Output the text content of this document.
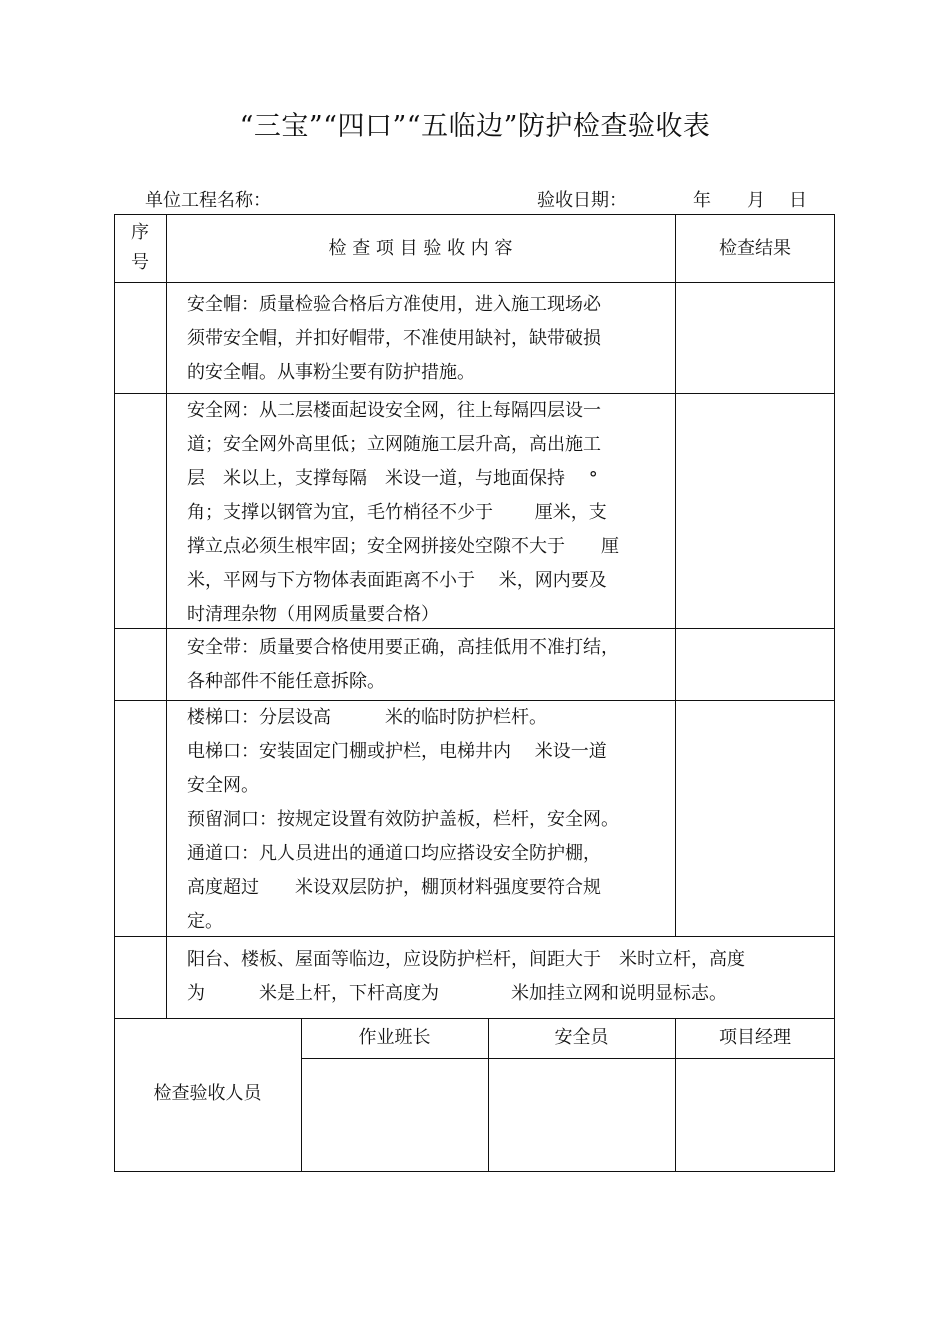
“三宝”“四口”“五临边”防护检查验收表
单位工程名称：	验收日期：	年 月 日
序
号
检 查 项 目 验 收 内 容	检查结果
安全帽：质量检验合格后方准使用，进入施工现场必
须带安全帽，并扣好帽带，不准使用缺衬，缺带破损
的安全帽。从事粉尘要有防护措施。
安全网：从二层楼面起设安全网，往上每隔四层设一
道；安全网外高里低；立网随施工层升高，高出施工
层　米以上，支撑每隔　米设一道，与地面保持　 °
角；支撑以钢管为宜，毛竹梢径不少于　　 厘米，支
撑立点必须生根牢固；安全网拼接处空隙不大于　　厘
米，平网与下方物体表面距离不小于　 米，网内要及
时清理杂物（用网质量要合格）
安全带：质量要合格使用要正确，高挂低用不准打结，
各种部件不能任意拆除。
楼梯口：分层设高　　　米的临时防护栏杆。
电梯口：安装固定门棚或护栏，电梯井内　 米设一道
安全网。
预留洞口：按规定设置有效防护盖板，栏杆，安全网。
通道口：凡人员进出的通道口均应搭设安全防护棚，
高度超过　　米设双层防护，棚顶材料强度要符合规
定。
阳台、楼板、屋面等临边，应设防护栏杆，间距大于　米时立杆，高度
为　　　米是上杆，下杆高度为　　　　米加挂立网和说明显标志。
检查验收人员
作业班长	安全员	项目经理
